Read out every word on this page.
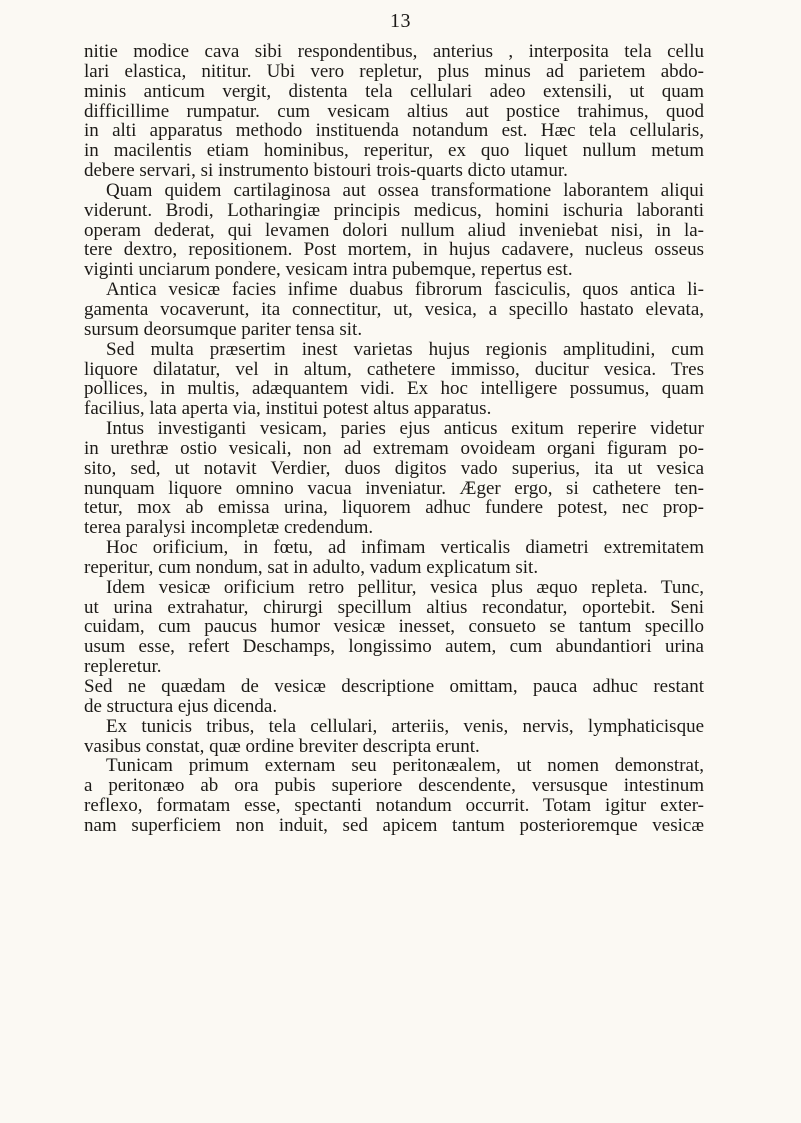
13
nitie modice cava sibi respondentibus, anterius , interposita tela cellu
lari elastica, nititur. Ubi vero repletur, plus minus ad parietem abdo-
minis anticum vergit, distenta tela cellulari adeo extensili, ut quam
difficillime rumpatur. cum vesicam altius aut postice trahimus, quod
in alti apparatus methodo instituenda notandum est. Hæc tela cellularis,
in macilentis etiam hominibus, reperitur, ex quo liquet nullum metum
debere servari, si instrumento bistouri trois-quarts dicto utamur.
Quam quidem cartilaginosa aut ossea transformatione laborantem aliqui
viderunt. Brodi, Lotharingiæ principis medicus, homini ischuria laboranti
operam dederat, qui levamen dolori nullum aliud inveniebat nisi, in la-
tere dextro, repositionem. Post mortem, in hujus cadavere, nucleus osseus
viginti unciarum pondere, vesicam intra pubemque, repertus est.
Antica vesicæ facies infime duabus fibrorum fasciculis, quos antica li-
gamenta vocaverunt, ita connectitur, ut, vesica, a specillo hastato elevata,
sursum deorsumque pariter tensa sit.
Sed multa præsertim inest varietas hujus regionis amplitudini, cum
liquore dilatatur, vel in altum, cathetere immisso, ducitur vesica. Tres
pollices, in multis, adæquantem vidi. Ex hoc intelligere possumus, quam
facilius, lata aperta via, institui potest altus apparatus.
Intus investiganti vesicam, paries ejus anticus exitum reperire videtur
in urethræ ostio vesicali, non ad extremam ovoideam organi figuram po-
sito, sed, ut notavit Verdier, duos digitos vado superius, ita ut vesica
nunquam liquore omnino vacua inveniatur. Æger ergo, si cathetere ten-
tetur, mox ab emissa urina, liquorem adhuc fundere potest, nec prop-
terea paralysi incompletæ credendum.
Hoc orificium, in fœtu, ad infimam verticalis diametri extremitatem
reperitur, cum nondum, sat in adulto, vadum explicatum sit.
Idem vesicæ orificium retro pellitur, vesica plus æquo repleta. Tunc,
ut urina extrahatur, chirurgi specillum altius recondatur, oportebit. Seni
cuidam, cum paucus humor vesicæ inesset, consueto se tantum specillo
usum esse, refert Deschamps, longissimo autem, cum abundantiori urina
repleretur.
Sed ne quædam de vesicæ descriptione omittam, pauca adhuc restant
de structura ejus dicenda.
Ex tunicis tribus, tela cellulari, arteriis, venis, nervis, lymphaticisque
vasibus constat, quæ ordine breviter descripta erunt.
Tunicam primum externam seu peritonæalem, ut nomen demonstrat,
a peritonæo ab ora pubis superiore descendente, versusque intestinum
reflexo, formatam esse, spectanti notandum occurrit. Totam igitur exter-
nam superficiem non induit, sed apicem tantum posterioremque vesicæ
